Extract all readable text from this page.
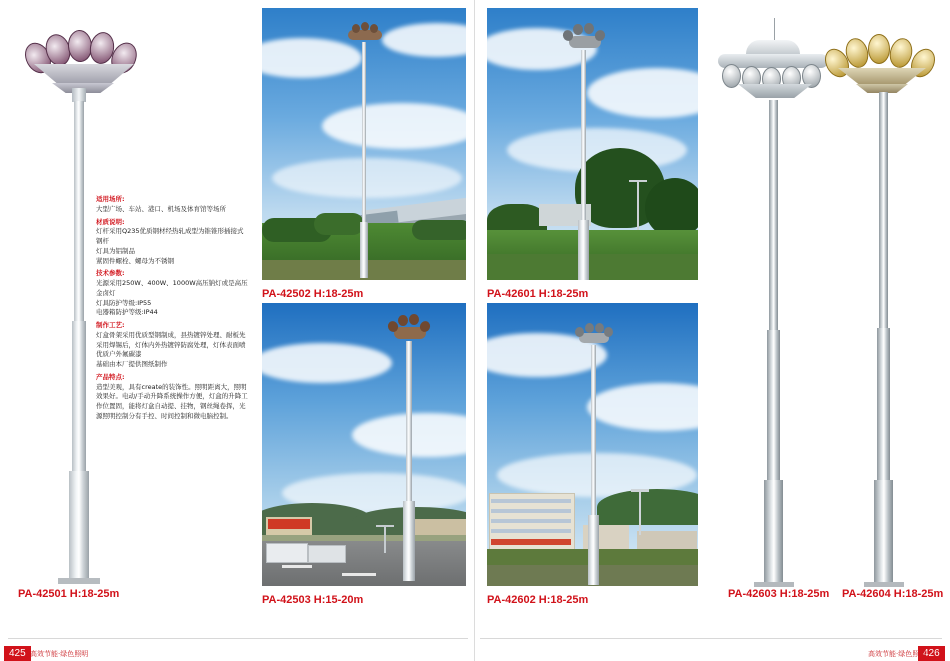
适用场所:

大型广场、车站、港口、机场及体育馆等场所

材质说明:

灯杆采用Q235优质钢材经热轧成型为锥锥形插接式钢杆

灯具为铝制品

紧固件螺栓、螺母为不锈钢

技术参数:

光源采用250W、400W、1000W高压钠灯或是高压金卤灯

灯具防护等级:IP55

电器箱防护等级:IP44

制作工艺:

灯盒骨架采用优质型钢制成，县热镀锌处理、耐板先采用焊锡后，灯体内外热镀锌防腐处理，灯体表面喷优质户外氟碳漆

基础由本厂提供图纸制作

产品特点:

造型美观，具有create的装饰性。照明距离大，照明效果好。电动/手动升降系统操作方便，灯盒的升降工作位置固，能将灯盒自动提、挂物，钢丝绳卷挥，光源照明控制分有手控、时间控制和微电脑控制。

PA-42501 H:18-25m
PA-42502 H:18-25m
PA-42503 H:15-20m
PA-42601 H:18-25m
PA-42602 H:18-25m	PA-42603 H:18-25m PA-42604 H:18-25m
425 高效节能·绿色照明	426
高效节能·绿色照明
